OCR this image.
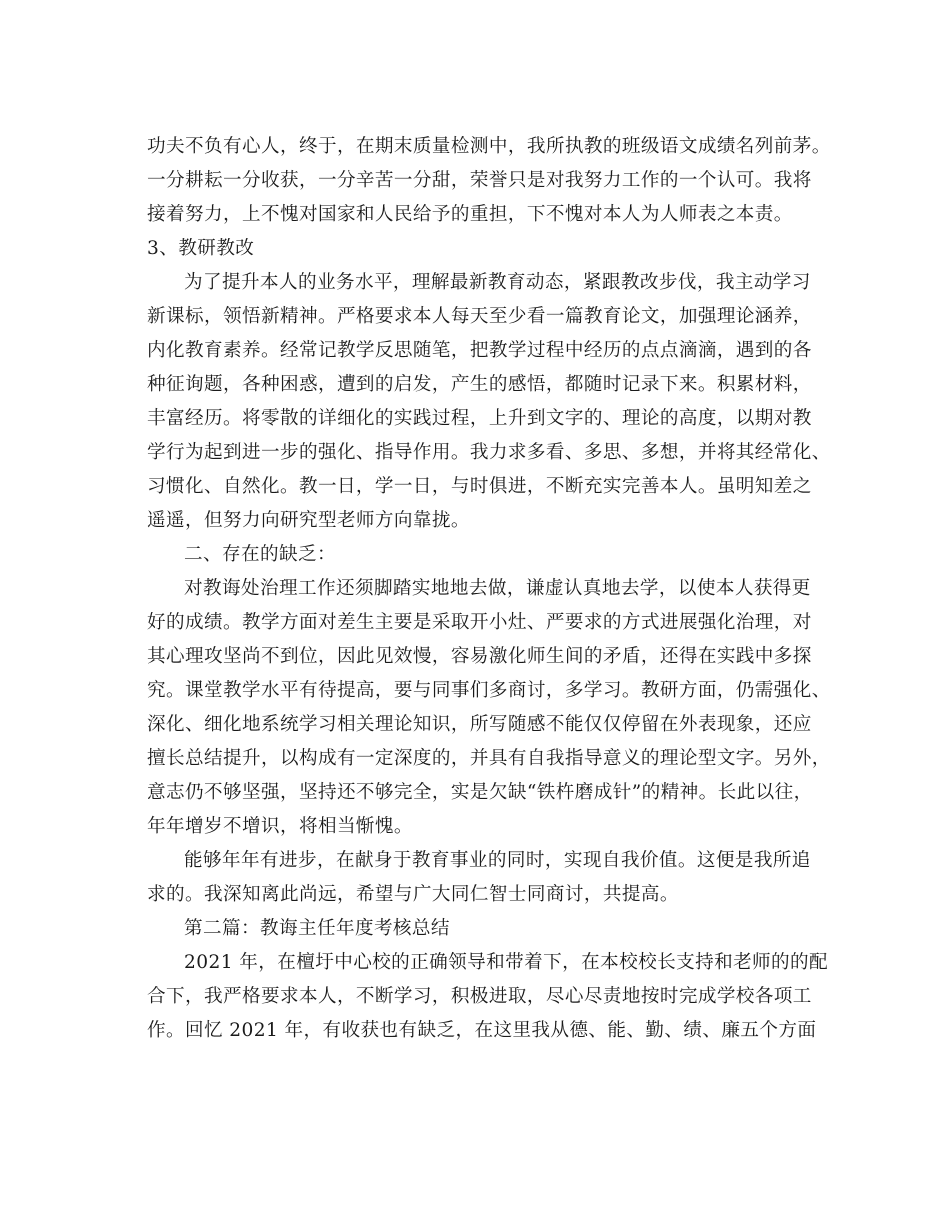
功夫不负有心人，终于，在期末质量检测中，我所执教的班级语文成绩名列前茅。
一分耕耘一分收获，一分辛苦一分甜，荣誉只是对我努力工作的一个认可。我将
接着努力，上不愧对国家和人民给予的重担，下不愧对本人为人师表之本责。
3、教研教改
为了提升本人的业务水平，理解最新教育动态，紧跟教改步伐，我主动学习
新课标，领悟新精神。严格要求本人每天至少看一篇教育论文，加强理论涵养，
内化教育素养。经常记教学反思随笔，把教学过程中经历的点点滴滴，遇到的各
种征询题，各种困惑，遭到的启发，产生的感悟，都随时记录下来。积累材料，
丰富经历。将零散的详细化的实践过程，上升到文字的、理论的高度，以期对教
学行为起到进一步的强化、指导作用。我力求多看、多思、多想，并将其经常化、
习惯化、自然化。教一日，学一日，与时俱进，不断充实完善本人。虽明知差之
遥遥，但努力向研究型老师方向靠拢。
二、存在的缺乏：
对教诲处治理工作还须脚踏实地地去做，谦虚认真地去学，以使本人获得更
好的成绩。教学方面对差生主要是采取开小灶、严要求的方式进展强化治理，对
其心理攻坚尚不到位，因此见效慢，容易激化师生间的矛盾，还得在实践中多探
究。课堂教学水平有待提高，要与同事们多商讨，多学习。教研方面，仍需强化、
深化、细化地系统学习相关理论知识，所写随感不能仅仅停留在外表现象，还应
擅长总结提升，以构成有一定深度的，并具有自我指导意义的理论型文字。另外，
意志仍不够坚强，坚持还不够完全，实是欠缺“铁杵磨成针”的精神。长此以往，
年年增岁不增识，将相当惭愧。
能够年年有进步，在献身于教育事业的同时，实现自我价值。这便是我所追
求的。我深知离此尚远，希望与广大同仁智士同商讨，共提高。
第二篇：教诲主任年度考核总结
2021 年，在檀圩中心校的正确领导和带着下，在本校校长支持和老师的的配
合下，我严格要求本人，不断学习，积极进取，尽心尽责地按时完成学校各项工
作。回忆 2021 年，有收获也有缺乏，在这里我从德、能、勤、绩、廉五个方面
